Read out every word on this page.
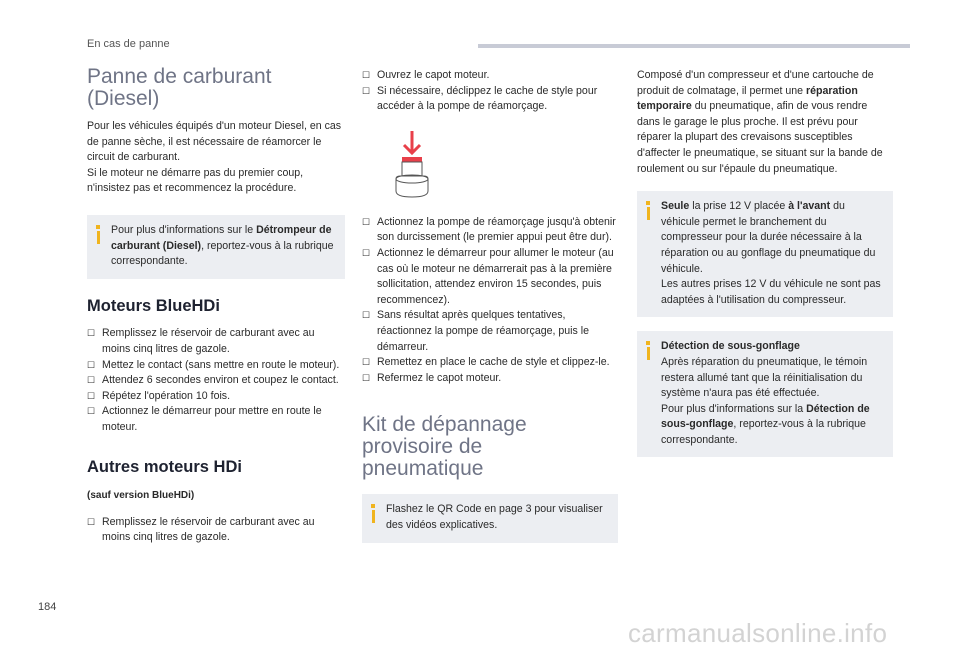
En cas de panne
Panne de carburant
(Diesel)

Pour les véhicules équipés d'un moteur Diesel, en cas de panne sèche, il est nécessaire de réamorcer le circuit de carburant.

Si le moteur ne démarre pas du premier coup, n'insistez pas et recommencez la procédure.

Pour plus d'informations sur le Détrompeur de carburant (Diesel), reportez-vous à la rubrique correspondante.
Moteurs BlueHDi
☐ Remplissez le réservoir de carburant avec au moins cinq litres de gazole.
☐ Mettez le contact (sans mettre en route le moteur).
☐ Attendez 6 secondes environ et coupez le contact.
☐ Répétez l'opération 10 fois.
☐ Actionnez le démarreur pour mettre en route le moteur.
Autres moteurs HDi

(sauf version BlueHDi)

☐ Remplissez le réservoir de carburant avec au moins cinq litres de gazole.
☐ Ouvrez le capot moteur.
☐ Si nécessaire, déclippez le cache de style pour accéder à la pompe de réamorçage.
☐ Actionnez la pompe de réamorçage jusqu'à obtenir son durcissement (le premier appui peut être dur).
☐ Actionnez le démarreur pour allumer le moteur (au cas où le moteur ne démarrerait pas à la première sollicitation, attendez environ 15 secondes, puis recommencez).
☐ Sans résultat après quelques tentatives, réactionnez la pompe de réamorçage, puis le démarreur.
☐ Remettez en place le cache de style et clippez-le.
☐ Refermez le capot moteur.
Kit de dépannage
provisoire de
pneumatique
Flashez le QR Code en page 3 pour visualiser des vidéos explicatives.

Composé d'un compresseur et d'une cartouche de produit de colmatage, il permet une réparation temporaire du pneumatique, afin de vous rendre dans le garage le plus proche. Il est prévu pour réparer la plupart des crevaisons susceptibles d'affecter le pneumatique, se situant sur la bande de roulement ou sur l'épaule du pneumatique.

Seule la prise 12 V placée à l'avant du véhicule permet le branchement du compresseur pour la durée nécessaire à la réparation ou au gonflage du pneumatique du véhicule.

Les autres prises 12 V du véhicule ne sont pas adaptées à l'utilisation du compresseur.

Détection de sous-gonflage

Après réparation du pneumatique, le témoin restera allumé tant que la réinitialisation du système n'aura pas été effectuée.

Pour plus d'informations sur la Détection de sous-gonflage, reportez-vous à la rubrique correspondante.

184
carmanualsonline.info
